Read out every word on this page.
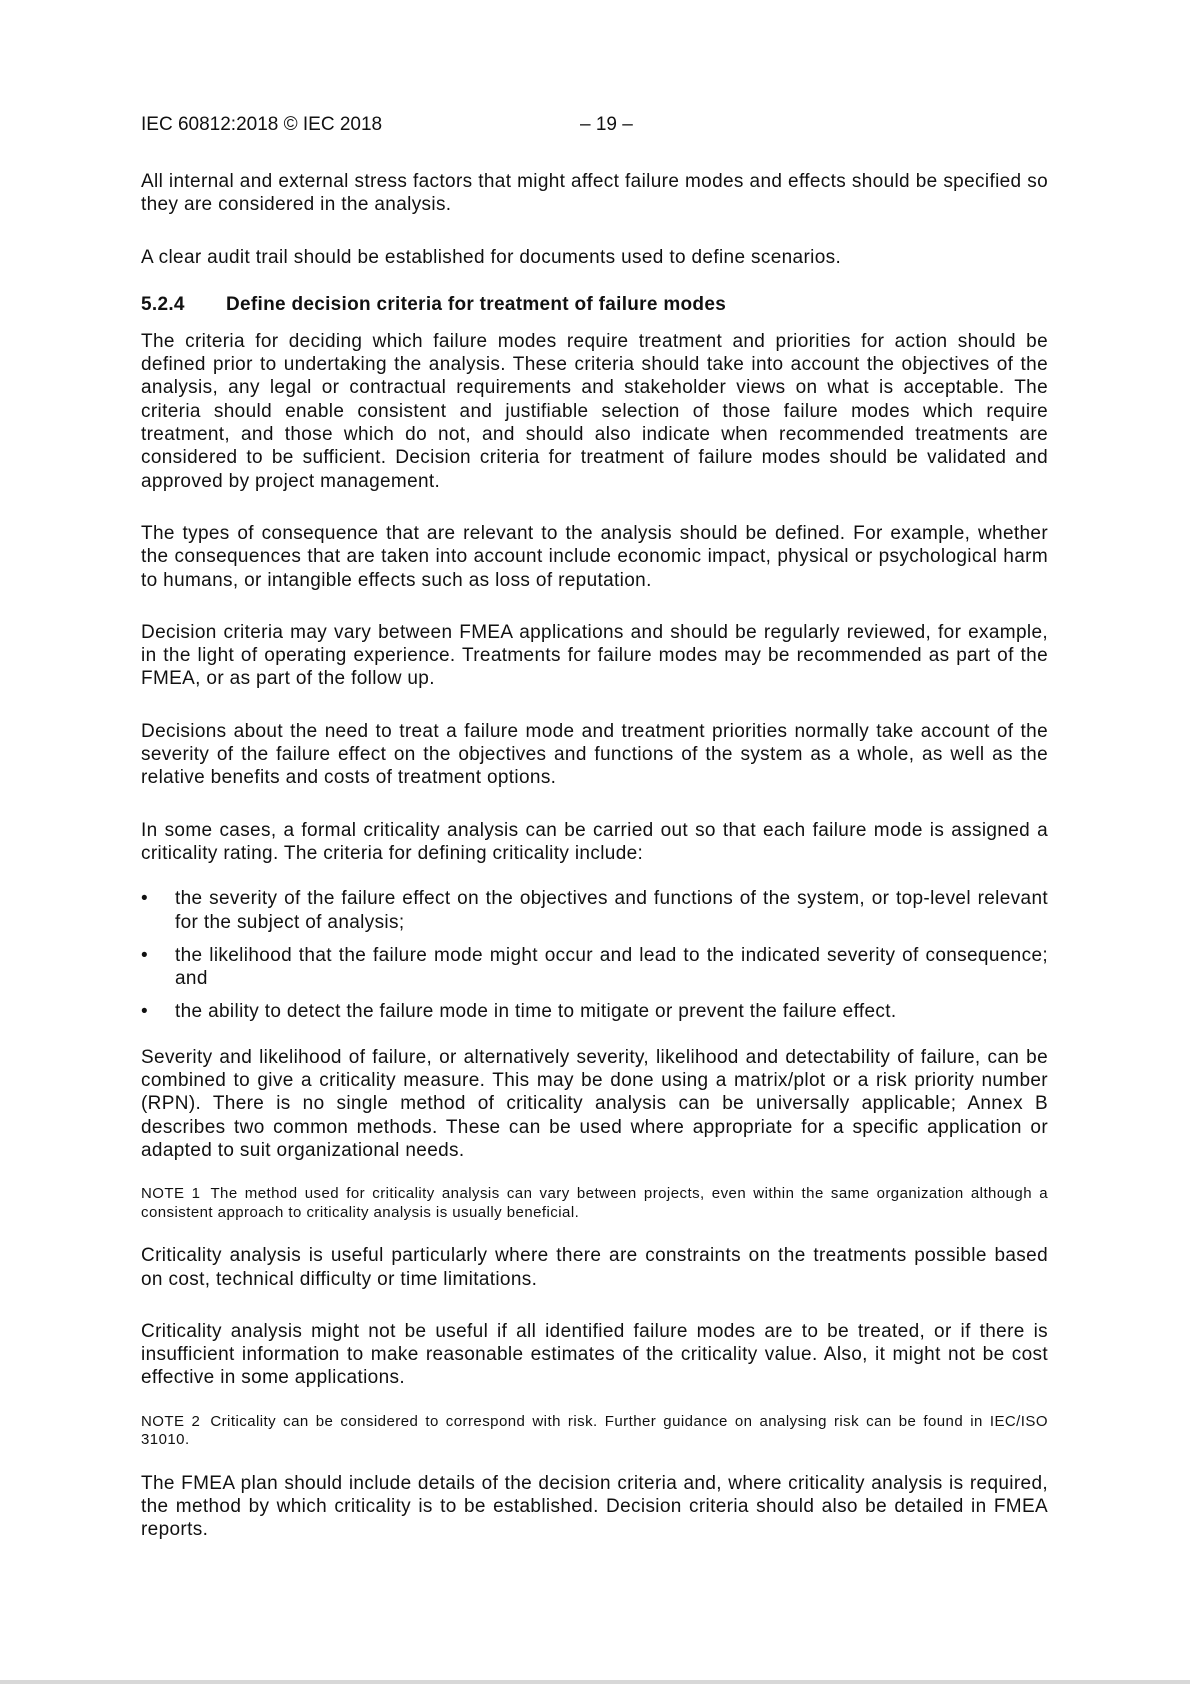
IEC 60812:2018 © IEC 2018	– 19 –

All internal and external stress factors that might affect failure modes and effects should be specified so they are considered in the analysis.

A clear audit trail should be established for documents used to define scenarios.

5.2.4 Define decision criteria for treatment of failure modes

The criteria for deciding which failure modes require treatment and priorities for action should be defined prior to undertaking the analysis. These criteria should take into account the objectives of the analysis, any legal or contractual requirements and stakeholder views on what is acceptable. The criteria should enable consistent and justifiable selection of those failure modes which require treatment, and those which do not, and should also indicate when recommended treatments are considered to be sufficient. Decision criteria for treatment of failure modes should be validated and approved by project management.

The types of consequence that are relevant to the analysis should be defined. For example, whether the consequences that are taken into account include economic impact, physical or psychological harm to humans, or intangible effects such as loss of reputation.

Decision criteria may vary between FMEA applications and should be regularly reviewed, for example, in the light of operating experience. Treatments for failure modes may be recommended as part of the FMEA, or as part of the follow up.

Decisions about the need to treat a failure mode and treatment priorities normally take account of the severity of the failure effect on the objectives and functions of the system as a whole, as well as the relative benefits and costs of treatment options.

In some cases, a formal criticality analysis can be carried out so that each failure mode is assigned a criticality rating. The criteria for defining criticality include:

•	the severity of the failure effect on the objectives and functions of the system, or top-level relevant for the subject of analysis;
•	the likelihood that the failure mode might occur and lead to the indicated severity of consequence; and
•	the ability to detect the failure mode in time to mitigate or prevent the failure effect.

Severity and likelihood of failure, or alternatively severity, likelihood and detectability of failure, can be combined to give a criticality measure. This may be done using a matrix/plot or a risk priority number (RPN). There is no single method of criticality analysis can be universally applicable; Annex B describes two common methods. These can be used where appropriate for a specific application or adapted to suit organizational needs.

NOTE 1 The method used for criticality analysis can vary between projects, even within the same organization although a consistent approach to criticality analysis is usually beneficial.

Criticality analysis is useful particularly where there are constraints on the treatments possible based on cost, technical difficulty or time limitations.

Criticality analysis might not be useful if all identified failure modes are to be treated, or if there is insufficient information to make reasonable estimates of the criticality value. Also, it might not be cost effective in some applications.

NOTE 2 Criticality can be considered to correspond with risk. Further guidance on analysing risk can be found in IEC/ISO 31010.

The FMEA plan should include details of the decision criteria and, where criticality analysis is required, the method by which criticality is to be established. Decision criteria should also be detailed in FMEA reports.
